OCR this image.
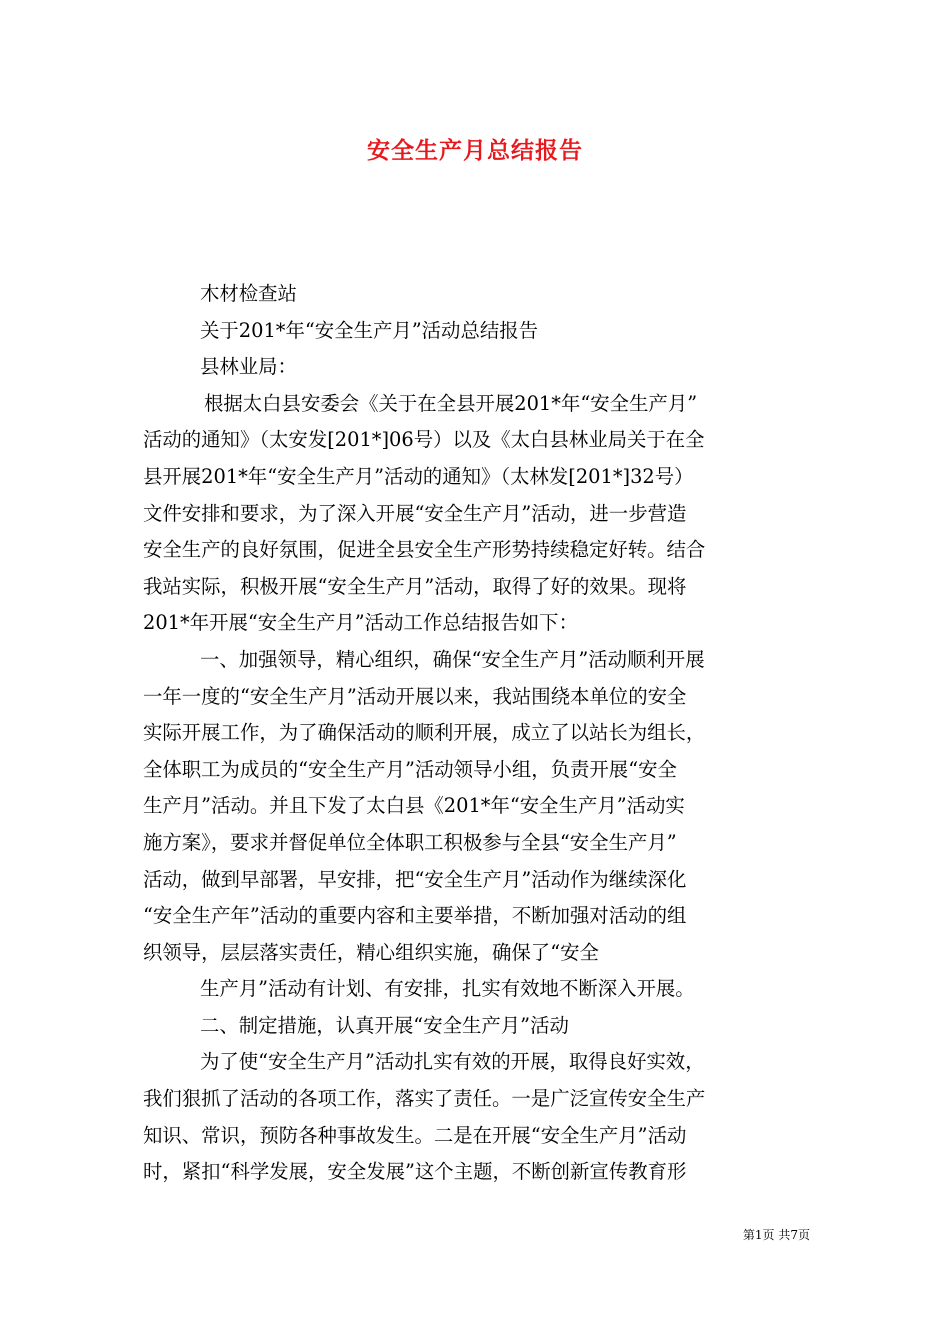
安全生产月总结报告
木材检查站
关于201*年“安全生产月”活动总结报告
县林业局：
根据太白县安委会《关于在全县开展201*年“安全生产月”
活动的通知》（太安发[201*]06号）以及《太白县林业局关于在全
县开展201*年“安全生产月”活动的通知》（太林发[201*]32号）
文件安排和要求，为了深入开展“安全生产月”活动，进一步营造
安全生产的良好氛围，促进全县安全生产形势持续稳定好转。结合
我站实际，积极开展“安全生产月”活动，取得了好的效果。现将
201*年开展“安全生产月”活动工作总结报告如下：
一、加强领导，精心组织，确保“安全生产月”活动顺利开展
一年一度的“安全生产月”活动开展以来，我站围绕本单位的安全
实际开展工作，为了确保活动的顺利开展，成立了以站长为组长，
全体职工为成员的“安全生产月”活动领导小组，负责开展“安全
生产月”活动。并且下发了太白县《201*年“安全生产月”活动实
施方案》，要求并督促单位全体职工积极参与全县“安全生产月”
活动，做到早部署，早安排，把“安全生产月”活动作为继续深化
“安全生产年”活动的重要内容和主要举措，不断加强对活动的组
织领导，层层落实责任，精心组织实施，确保了“安全
生产月”活动有计划、有安排，扎实有效地不断深入开展。
二、制定措施，认真开展“安全生产月”活动
为了使“安全生产月”活动扎实有效的开展，取得良好实效，
我们狠抓了活动的各项工作，落实了责任。一是广泛宣传安全生产
知识、常识，预防各种事故发生。二是在开展“安全生产月”活动
时，紧扣“科学发展，安全发展”这个主题，不断创新宣传教育形
第1页 共7页
